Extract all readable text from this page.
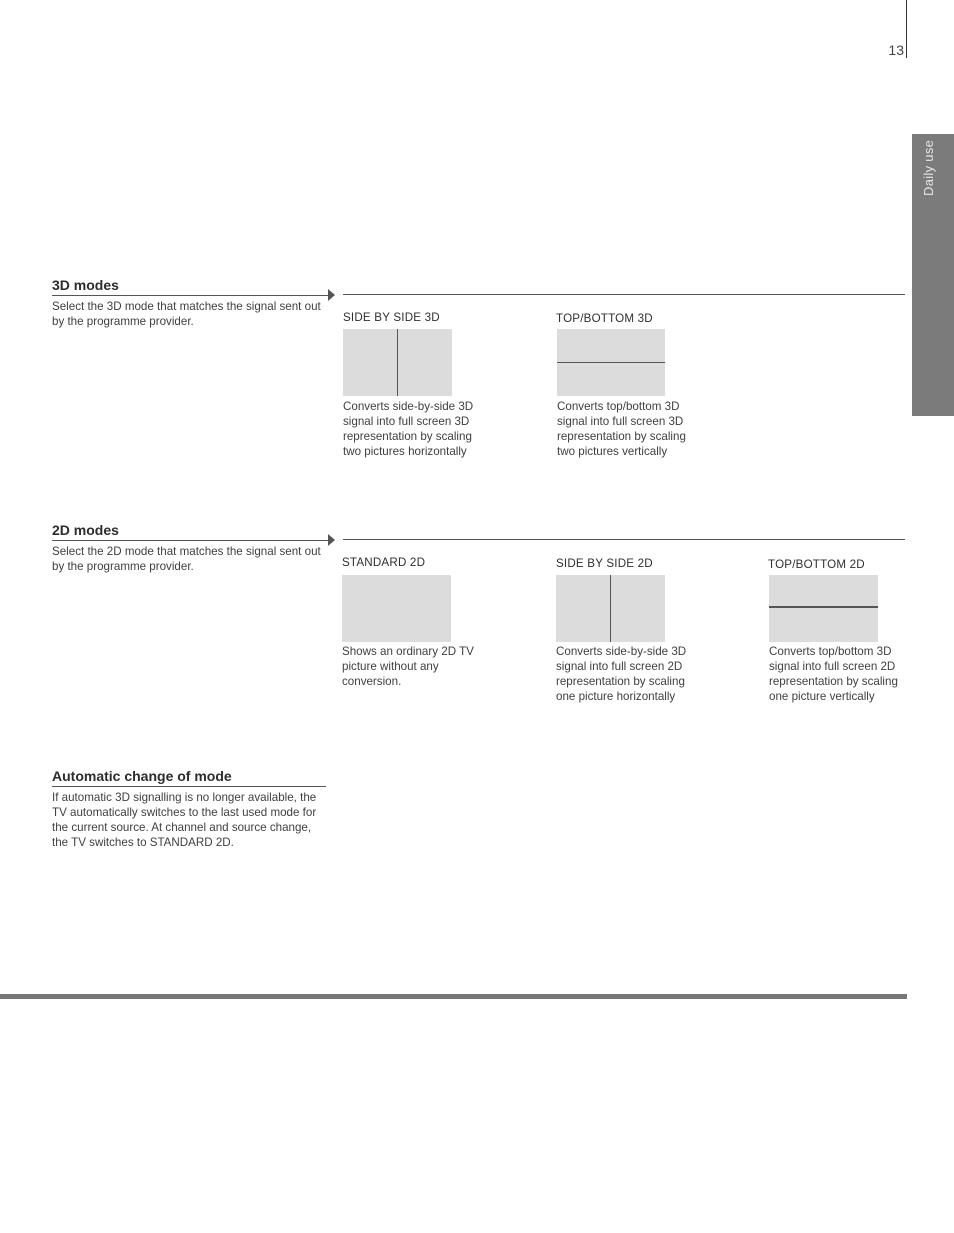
13
Daily use
3D modes
Select the 3D mode that matches the signal sent out by the programme provider.	SIDE BY SIDE 3D
Converts side-by-side 3D signal into full screen 3D representation by scaling two pictures horizontally
TOP/BOTTOM 3D
Converts top/bottom 3D signal into full screen 3D representation by scaling two pictures vertically
2D modes
Select the 2D mode that matches the signal sent out by the programme provider.	STANDARD 2D
Shows an ordinary 2D TV picture without any conversion.
SIDE BY SIDE 2D
Converts side-by-side 3D signal into full screen 2D representation by scaling one picture horizontally
TOP/BOTTOM 2D
Converts top/bottom 3D signal into full screen 2D representation by scaling one picture vertically
Automatic change of mode
If automatic 3D signalling is no longer available, the TV automatically switches to the last used mode for the current source. At channel and source change, the TV switches to STANDARD 2D.
